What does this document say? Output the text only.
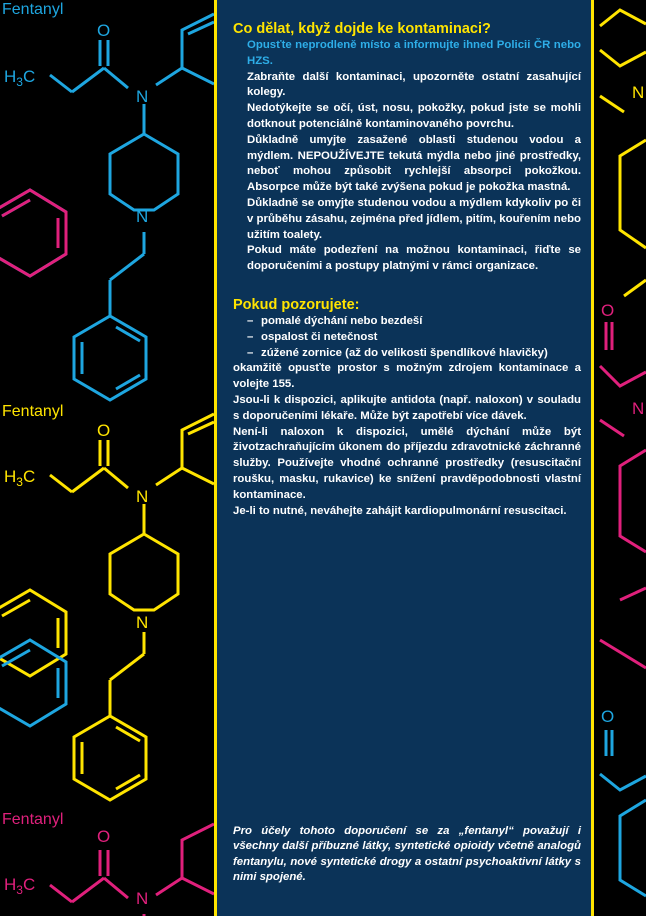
Fentanyl
$H_3C$
O
N
N
Fentanyl
$H_3C$
O
N
N
Fentanyl
$H_3C$
O
N
N
O
N
O
Co dělat, když dojde ke kontaminaci?
Opusťte neprodleně místo a informujte ihned Policii ČR nebo HZS.
Zabraňte další kontaminaci, upozorněte ostatní zasahující kolegy.
Nedotýkejte se očí, úst, nosu, pokožky, pokud jste se mohli dotknout potenciálně kontaminovaného povrchu.
Důkladně umyjte zasažené oblasti studenou vodou a mýdlem. NEPOUŽÍVEJTE tekutá mýdla nebo jiné prostředky, neboť mohou způsobit rychlejší absorpci pokožkou. Absorpce může být také zvýšena pokud je pokožka mastná.
Důkladně se omyjte studenou vodou a mýdlem kdykoliv po či v průběhu zásahu, zejména před jídlem, pitím, kouřením nebo užitím toalety.
Pokud máte podezření na možnou kontaminaci, řiďte se doporučeními a postupy platnými v rámci organizace.
Pokud pozorujete:
– pomalé dýchání nebo bezdeší
– ospalost či netečnost
– zúžené zornice (až do velikosti špendlíkové hlavičky)
okamžitě opusťte prostor s možným zdrojem kontaminace a volejte 155.
Jsou-li k dispozici, aplikujte antidota (např. naloxon) v souladu s doporučeními lékaře. Může být zapotřebí více dávek.
Není-li naloxon k dispozici, umělé dýchání může být životzachraňujícím úkonem do příjezdu zdravotnické záchranné služby. Používejte vhodné ochranné prostředky (resuscitační roušku, masku, rukavice) ke snížení pravděpodobnosti vlastní kontaminace.
Je-li to nutné, neváhejte zahájit kardiopulmonární resuscitaci.
Pro účely tohoto doporučení se za „fentanyl“ považují i všechny další příbuzné látky, syntetické opioidy včetně analogů fentanylu, nové syntetické drogy a ostatní psychoaktivní látky s nimi spojené.
